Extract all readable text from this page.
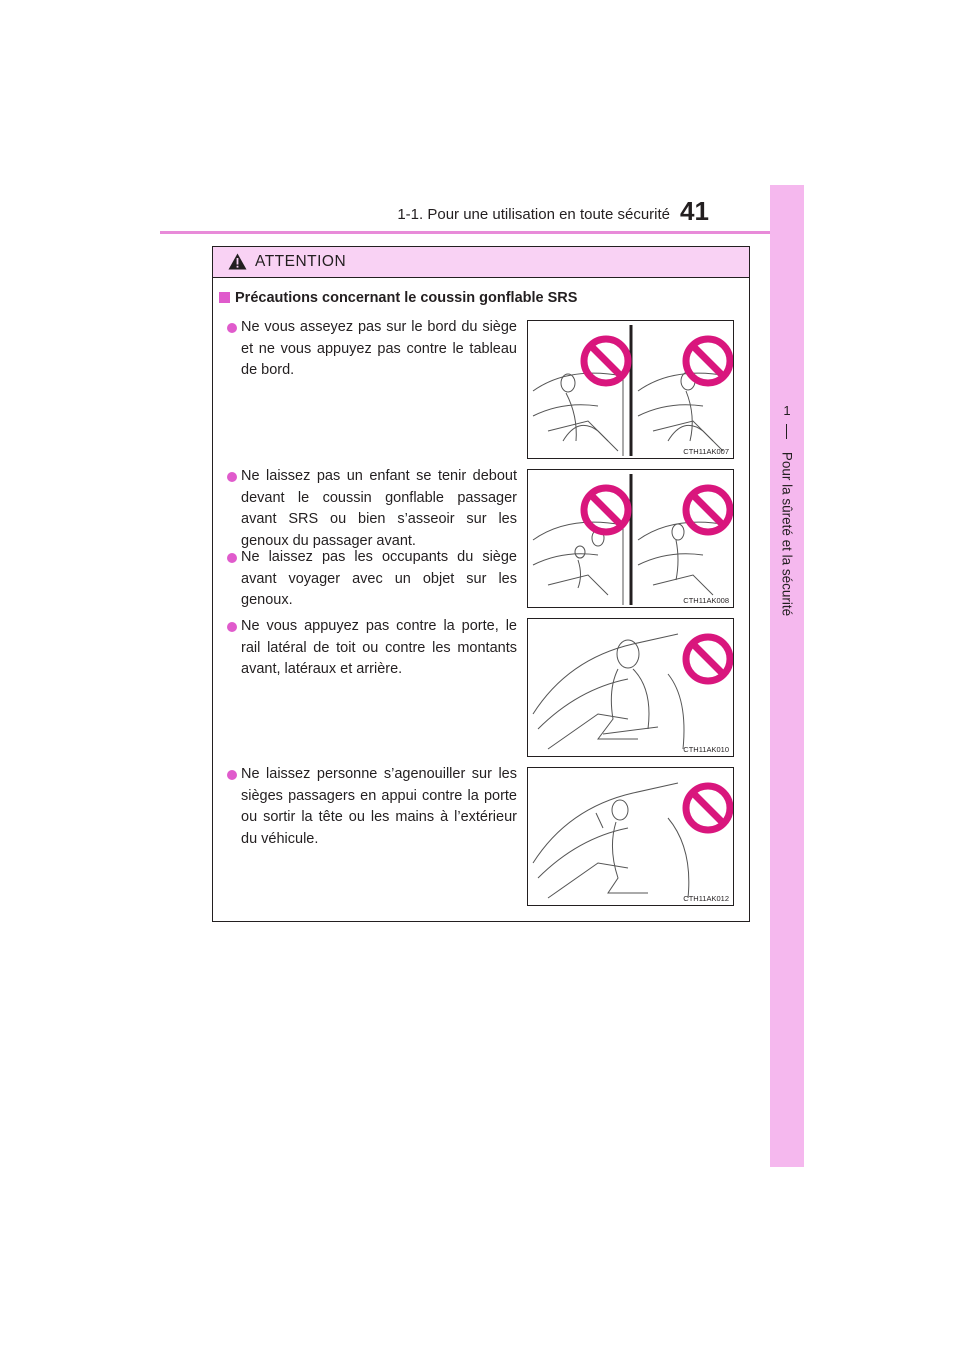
1-1. Pour une utilisation en toute sécurité 41
1
Pour la sûreté et la sécurité
ATTENTION
Précautions concernant le coussin gonflable SRS
Ne vous asseyez pas sur le bord du siège et ne vous appuyez pas contre le tableau de bord.
Ne laissez pas un enfant se tenir debout devant le coussin gonflable passager avant SRS ou bien s’asseoir sur les genoux du passager avant.
Ne laissez pas les occupants du siège avant voyager avec un objet sur les genoux.
Ne vous appuyez pas contre la porte, le rail latéral de toit ou contre les montants avant, latéraux et arrière.
Ne laissez personne s’agenouiller sur les sièges passagers en appui contre la porte ou sortir la tête ou les mains à l’extérieur du véhicule.
CTH11AK007
CTH11AK008
CTH11AK010
CTH11AK012
